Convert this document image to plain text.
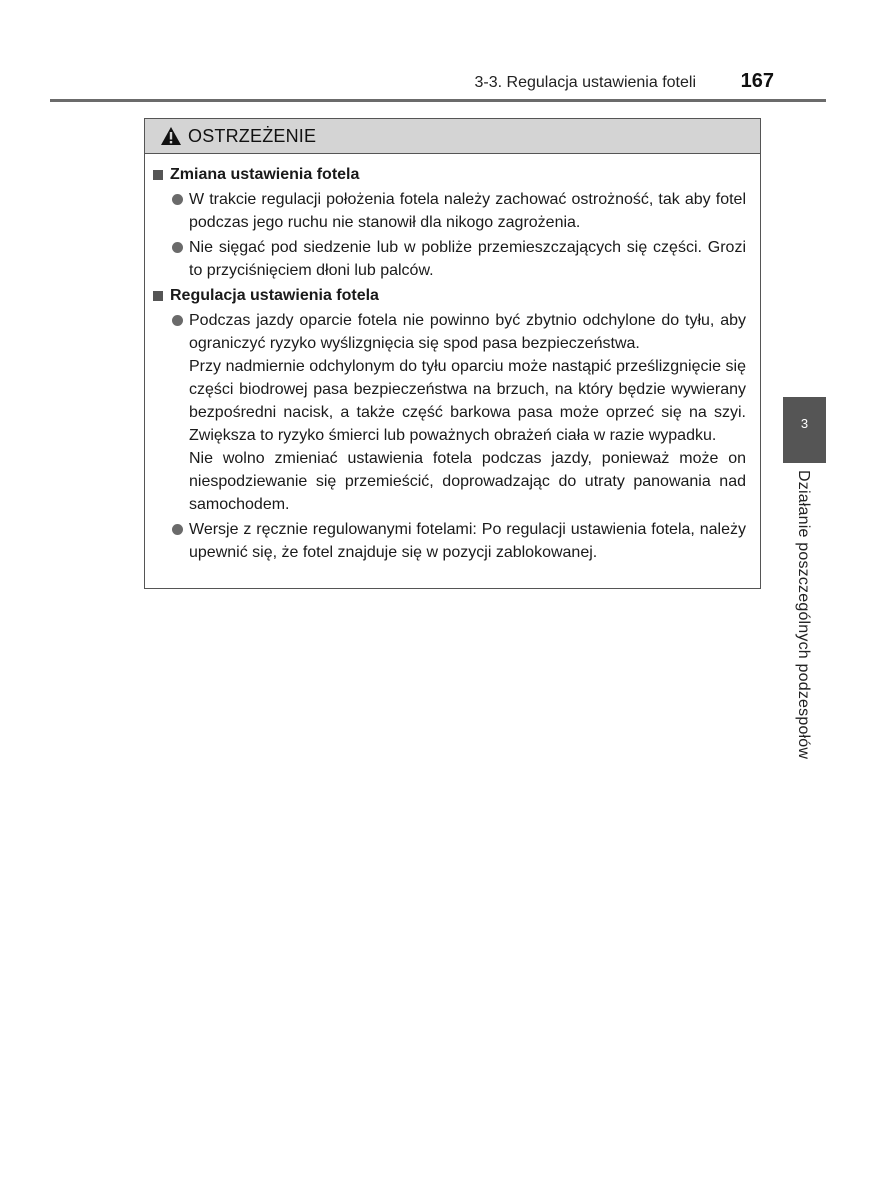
3-3. Regulacja ustawienia foteli	167
OSTRZEŻENIE
Zmiana ustawienia fotela
W trakcie regulacji położenia fotela należy zachować ostrożność, tak aby fotel podczas jego ruchu nie stanowił dla nikogo zagrożenia.
Nie sięgać pod siedzenie lub w pobliże przemieszczających się części. Grozi to przyciśnięciem dłoni lub palców.
Regulacja ustawienia fotela
Podczas jazdy oparcie fotela nie powinno być zbytnio odchylone do tyłu, aby ograniczyć ryzyko wyślizgnięcia się spod pasa bezpieczeństwa.
Przy nadmiernie odchylonym do tyłu oparciu może nastąpić prześlizgnięcie się części biodrowej pasa bezpieczeństwa na brzuch, na który będzie wywierany bezpośredni nacisk, a także część barkowa pasa może oprzeć się na szyi. Zwiększa to ryzyko śmierci lub poważnych obrażeń ciała w razie wypadku.
Nie wolno zmieniać ustawienia fotela podczas jazdy, ponieważ może on niespodziewanie się przemieścić, doprowadzając do utraty panowania nad samochodem.
Wersje z ręcznie regulowanymi fotelami: Po regulacji ustawienia fotela, należy upewnić się, że fotel znajduje się w pozycji zablokowanej.
3
Działanie poszczególnych podzespołów
